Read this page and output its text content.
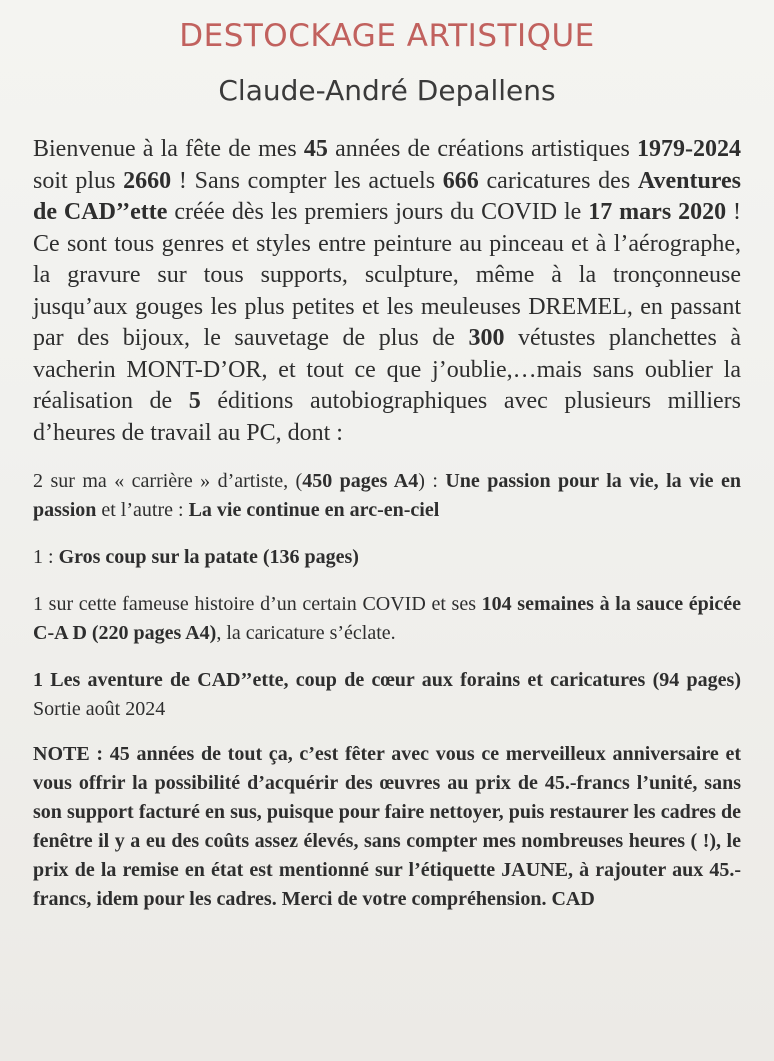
DESTOCKAGE ARTISTIQUE
Claude-André Depallens

Bienvenue à la fête de mes 45 années de créations artistiques 1979-2024 soit plus 2660 ! Sans compter les actuels 666 caricatures des Aventures de CAD’’ette créée dès les premiers jours du COVID le 17 mars 2020 ! Ce sont tous genres et styles entre peinture au pinceau et à l’aérographe, la gravure sur tous supports, sculpture, même à la tronçonneuse jusqu’aux gouges les plus petites et les meuleuses DREMEL, en passant par des bijoux, le sauvetage de plus de 300 vétustes planchettes à vacherin MONT-D’OR, et tout ce que j’oublie,…mais sans oublier la réalisation de 5 éditions autobiographiques avec plusieurs milliers d’heures de travail au PC, dont :

2 sur ma « carrière » d’artiste, (450 pages A4) : Une passion pour la vie, la vie en passion et l’autre : La vie continue en arc-en-ciel

1 : Gros coup sur la patate (136 pages)

1 sur cette fameuse histoire d’un certain COVID et ses 104 semaines à la sauce épicée C-A D (220 pages A4), la caricature s’éclate.

1 Les aventure de CAD’’ette, coup de cœur aux forains et caricatures (94 pages) Sortie août 2024

NOTE : 45 années de tout ça, c’est fêter avec vous ce merveilleux anniversaire et vous offrir la possibilité d’acquérir des œuvres au prix de 45.-francs l’unité, sans son support facturé en sus, puisque pour faire nettoyer, puis restaurer les cadres de fenêtre il y a eu des coûts assez élevés, sans compter mes nombreuses heures ( !), le prix de la remise en état est mentionné sur l’étiquette JAUNE, à rajouter aux 45.-francs, idem pour les cadres. Merci de votre compréhension. CAD
